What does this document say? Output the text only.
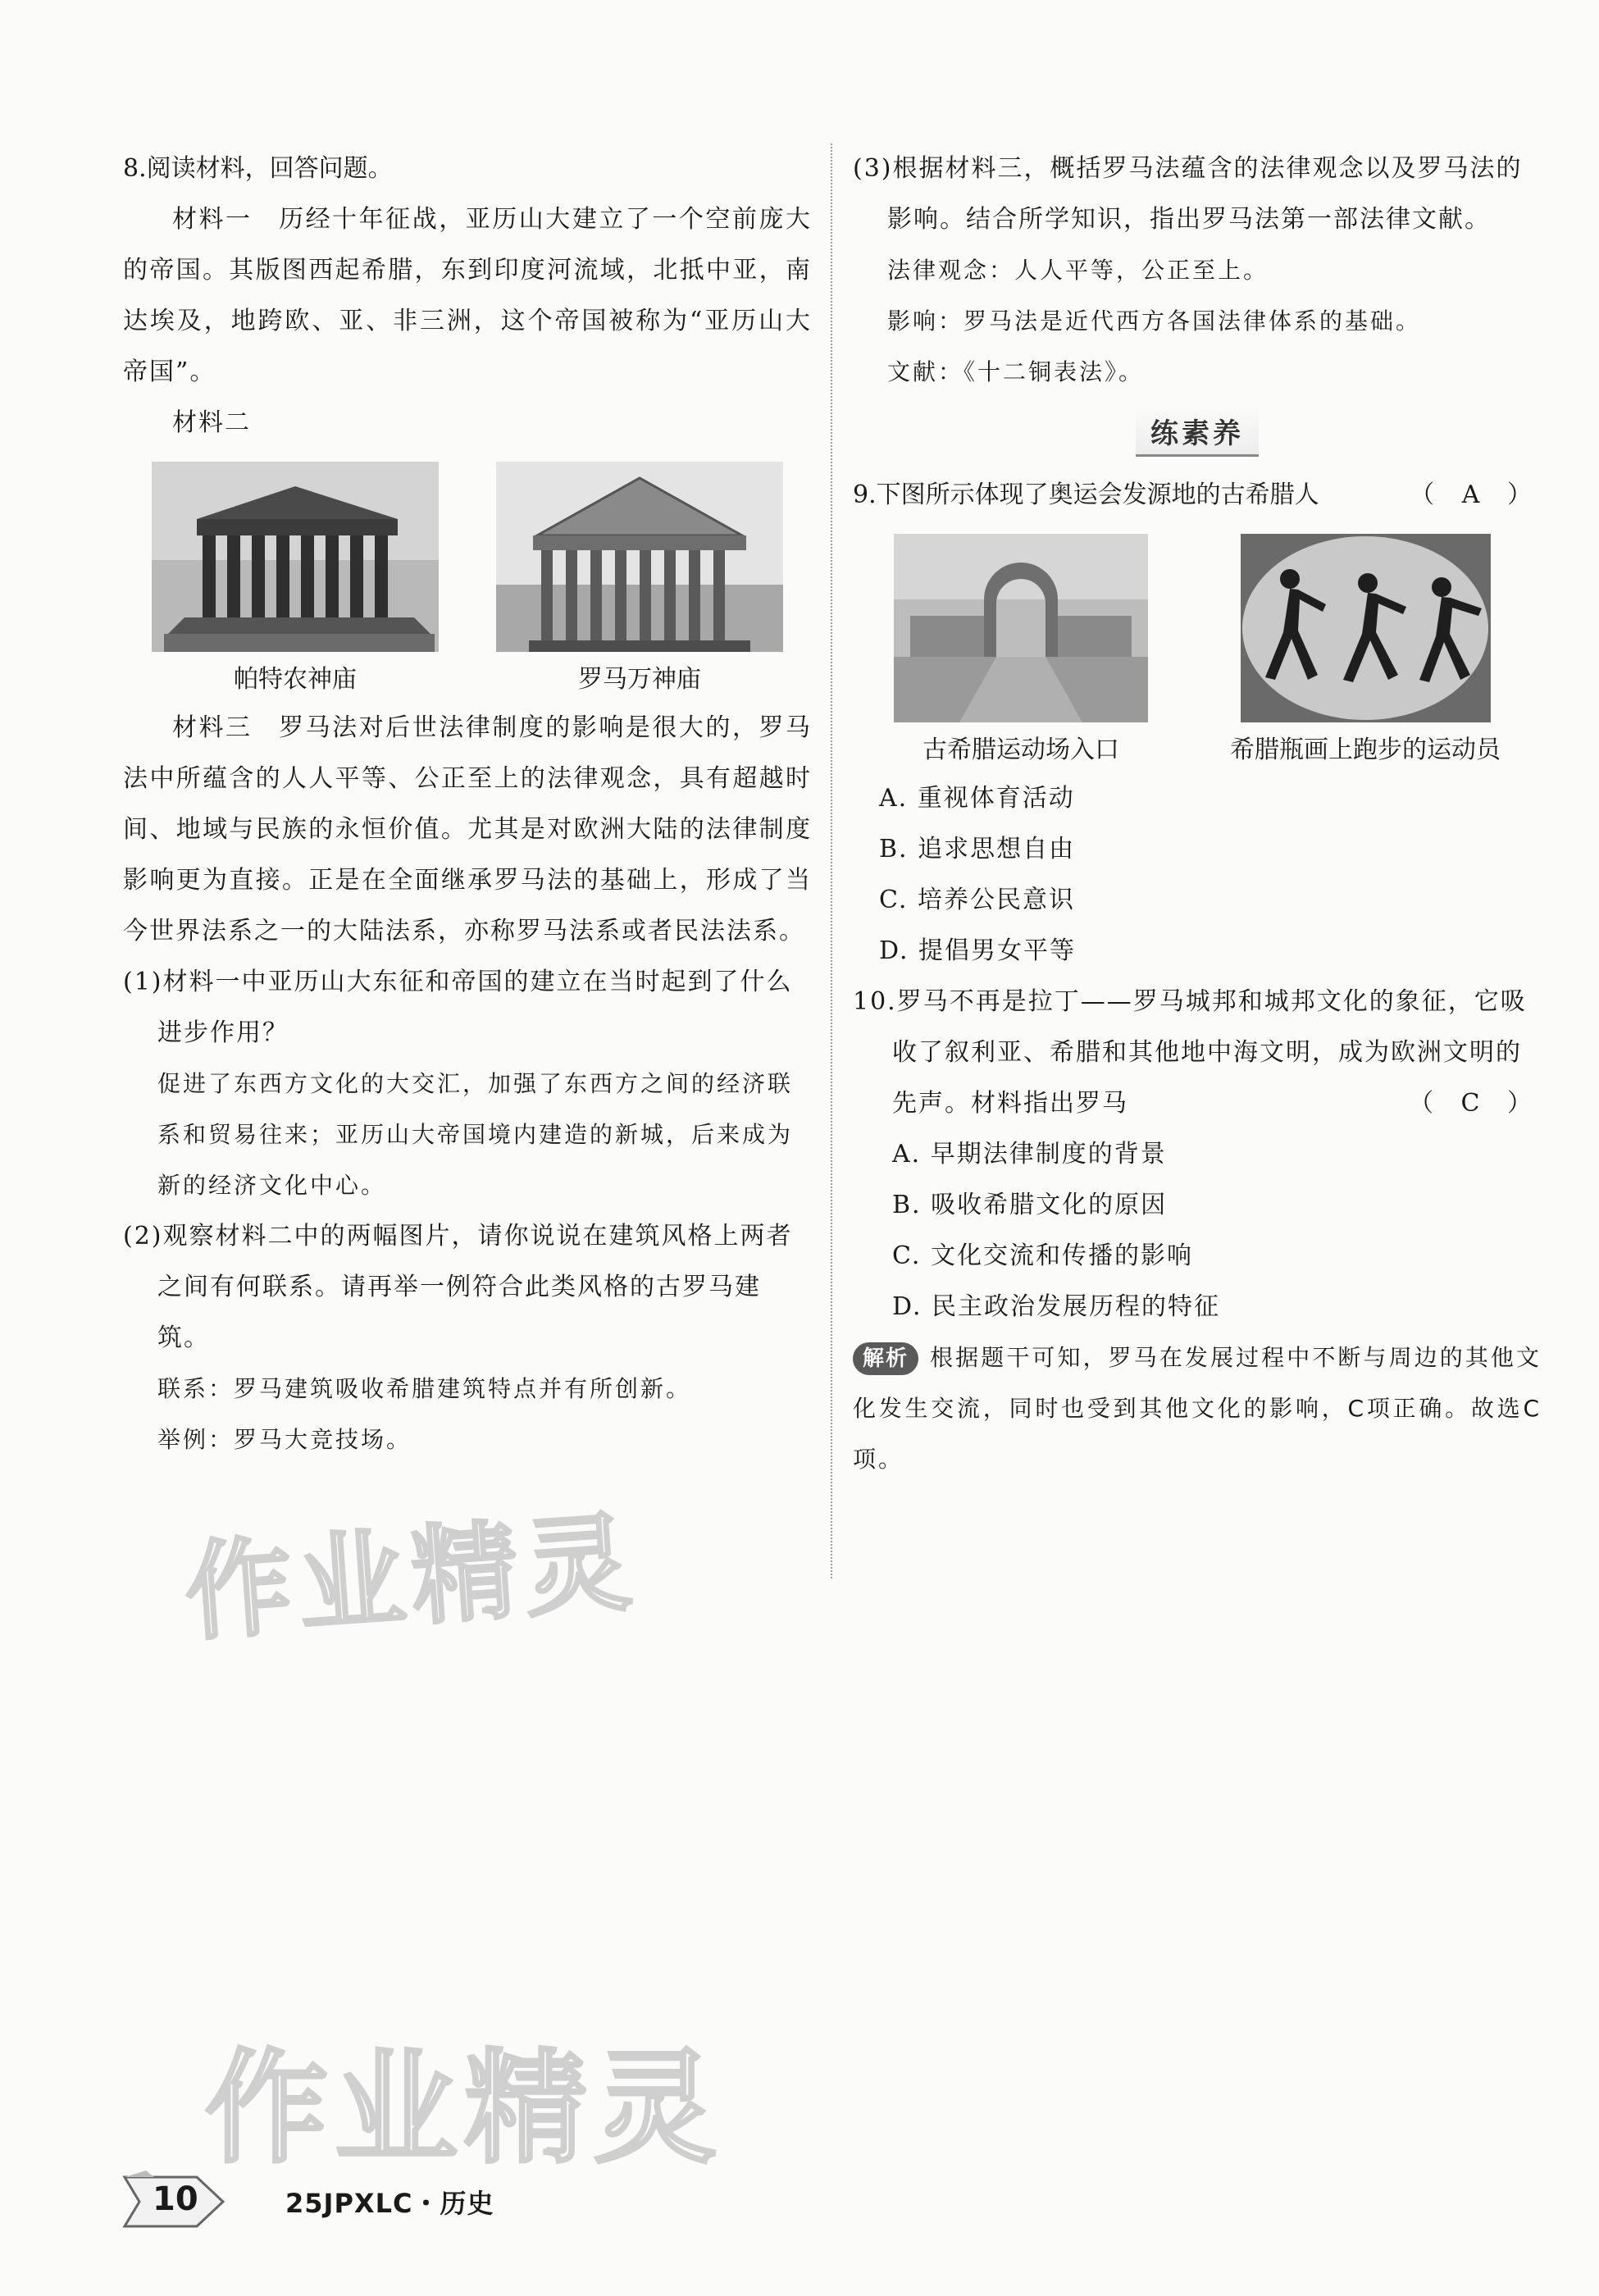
8.阅读材料，回答问题。

材料一　历经十年征战，亚历山大建立了一个空前庞大的帝国。其版图西起希腊，东到印度河流域，北抵中亚，南达埃及，地跨欧、亚、非三洲，这个帝国被称为“亚历山大帝国”。

材料二

帕特农神庙	罗马万神庙

材料三　罗马法对后世法律制度的影响是很大的，罗马法中所蕴含的人人平等、公正至上的法律观念，具有超越时间、地域与民族的永恒价值。尤其是对欧洲大陆的法律制度影响更为直接。正是在全面继承罗马法的基础上，形成了当今世界法系之一的大陆法系，亦称罗马法系或者民法法系。

(1)材料一中亚历山大东征和帝国的建立在当时起到了什么进步作用？

促进了东西方文化的大交汇，加强了东西方之间的经济联系和贸易往来；亚历山大帝国境内建造的新城，后来成为新的经济文化中心。

(2)观察材料二中的两幅图片，请你说说在建筑风格上两者之间有何联系。请再举一例符合此类风格的古罗马建筑。

联系：罗马建筑吸收希腊建筑特点并有所创新。

举例：罗马大竞技场。

(3)根据材料三，概括罗马法蕴含的法律观念以及罗马法的影响。结合所学知识，指出罗马法第一部法律文献。

法律观念：人人平等，公正至上。

影响：罗马法是近代西方各国法律体系的基础。

文献：《十二铜表法》。

练素养

9.下图所示体现了奥运会发源地的古希腊人	（ A ）

古希腊运动场入口	希腊瓶画上跑步的运动员

A. 重视体育活动

B. 追求思想自由

C. 培养公民意识

D. 提倡男女平等

10.罗马不再是拉丁——罗马城邦和城邦文化的象征，它吸收了叙利亚、希腊和其他地中海文明，成为欧洲文明的先声。材料指出罗马	（ C ）

A. 早期法律制度的背景

B. 吸收希腊文化的原因

C. 文化交流和传播的影响

D. 民主政治发展历程的特征

解析 根据题干可知，罗马在发展过程中不断与周边的其他文化发生交流，同时也受到其他文化的影响，C项正确。故选C项。

作业精灵
作业精灵
10	25JPXLC・历史
